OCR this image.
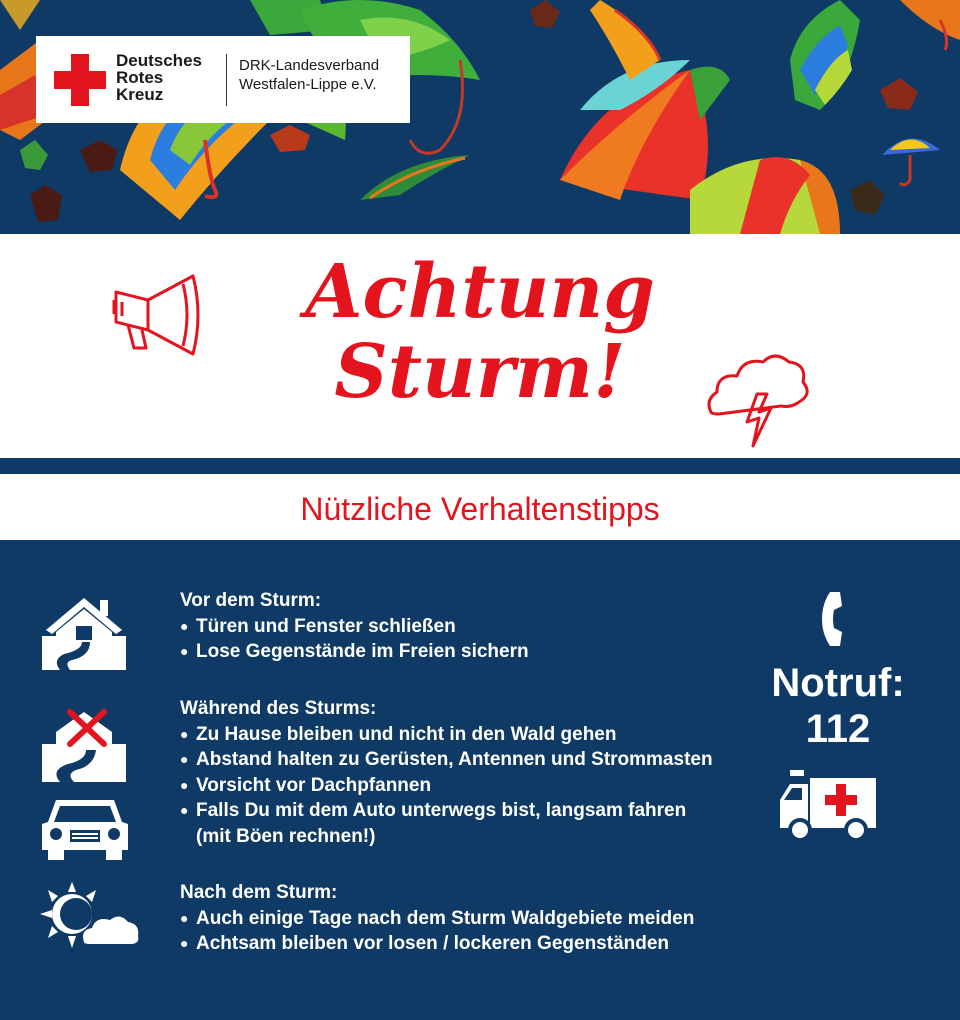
Deutsches
Rotes
Kreuz
DRK-Landesverband
Westfalen-Lippe e.V.
Achtung
Sturm!
Nützliche Verhaltenstipps
Notruf:
112
Vor dem Sturm:
● Türen und Fenster schließen
● Lose Gegenstände im Freien sichern
Während des Sturms:
● Zu Hause bleiben und nicht in den Wald gehen
● Abstand halten zu Gerüsten, Antennen und Strommasten
● Vorsicht vor Dachpfannen
● Falls Du mit dem Auto unterwegs bist, langsam fahren
(mit Böen rechnen!)
Nach dem Sturm:
● Auch einige Tage nach dem Sturm Waldgebiete meiden
● Achtsam bleiben vor losen / lockeren Gegenständen
